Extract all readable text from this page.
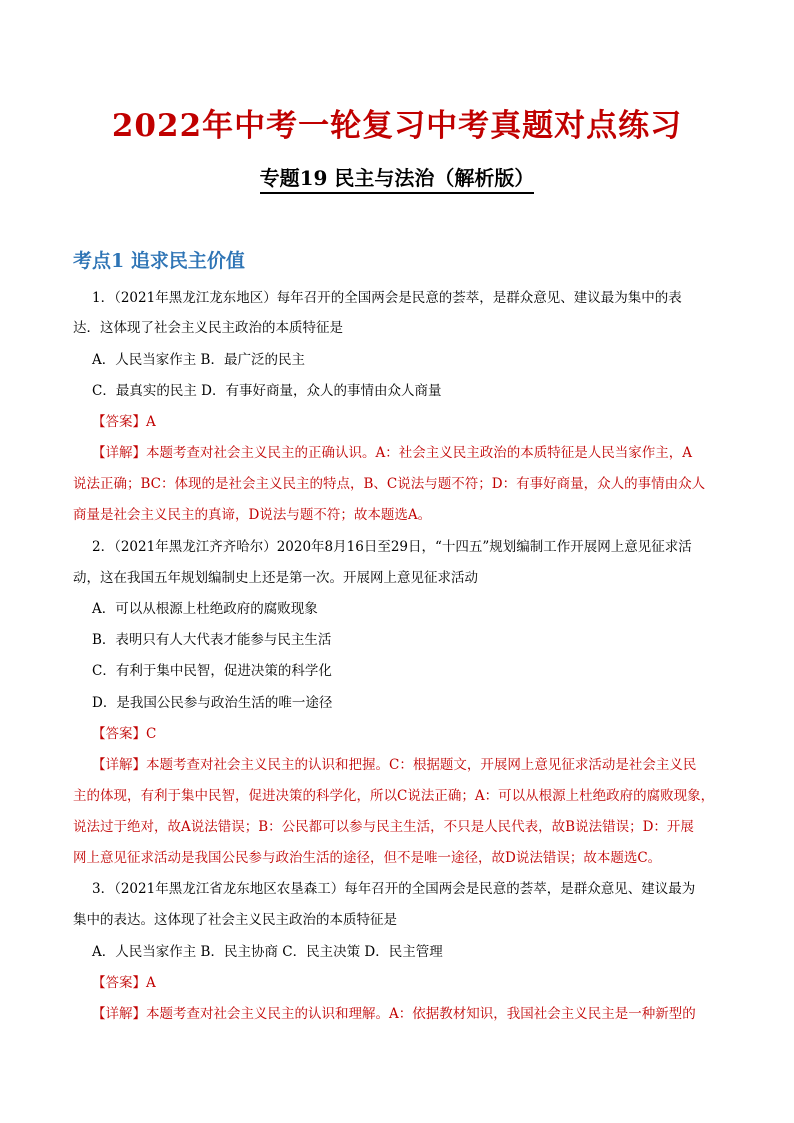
2022年中考一轮复习中考真题对点练习
专题19 民主与法治（解析版）
考点1 追求民主价值
1．（2021年黑龙江龙东地区）每年召开的全国两会是民意的荟萃，是群众意见、建议最为集中的表
达．这体现了社会主义民主政治的本质特征是
A．人民当家作主 B．最广泛的民主
C．最真实的民主 D．有事好商量，众人的事情由众人商量
【答案】A
【详解】本题考查对社会主义民主的正确认识。A：社会主义民主政治的本质特征是人民当家作主，A
说法正确；BC：体现的是社会主义民主的特点，B、C说法与题不符；D：有事好商量，众人的事情由众人
商量是社会主义民主的真谛，D说法与题不符；故本题选A。
2．（2021年黑龙江齐齐哈尔）2020年8月16日至29日，“十四五”规划编制工作开展网上意见征求活
动，这在我国五年规划编制史上还是第一次。开展网上意见征求活动
A．可以从根源上杜绝政府的腐败现象
B．表明只有人大代表才能参与民主生活
C．有利于集中民智，促进决策的科学化
D．是我国公民参与政治生活的唯一途径
【答案】C
【详解】本题考查对社会主义民主的认识和把握。C：根据题文，开展网上意见征求活动是社会主义民
主的体现，有利于集中民智，促进决策的科学化，所以C说法正确；A：可以从根源上杜绝政府的腐败现象，
说法过于绝对，故A说法错误；B：公民都可以参与民主生活，不只是人民代表，故B说法错误；D：开展
网上意见征求活动是我国公民参与政治生活的途径，但不是唯一途径，故D说法错误；故本题选C。
3．（2021年黑龙江省龙东地区农垦森工）每年召开的全国两会是民意的荟萃，是群众意见、建议最为
集中的表达。这体现了社会主义民主政治的本质特征是
A．人民当家作主 B．民主协商 C．民主决策 D．民主管理
【答案】A
【详解】本题考查对社会主义民主的认识和理解。A：依据教材知识，我国社会主义民主是一种新型的
